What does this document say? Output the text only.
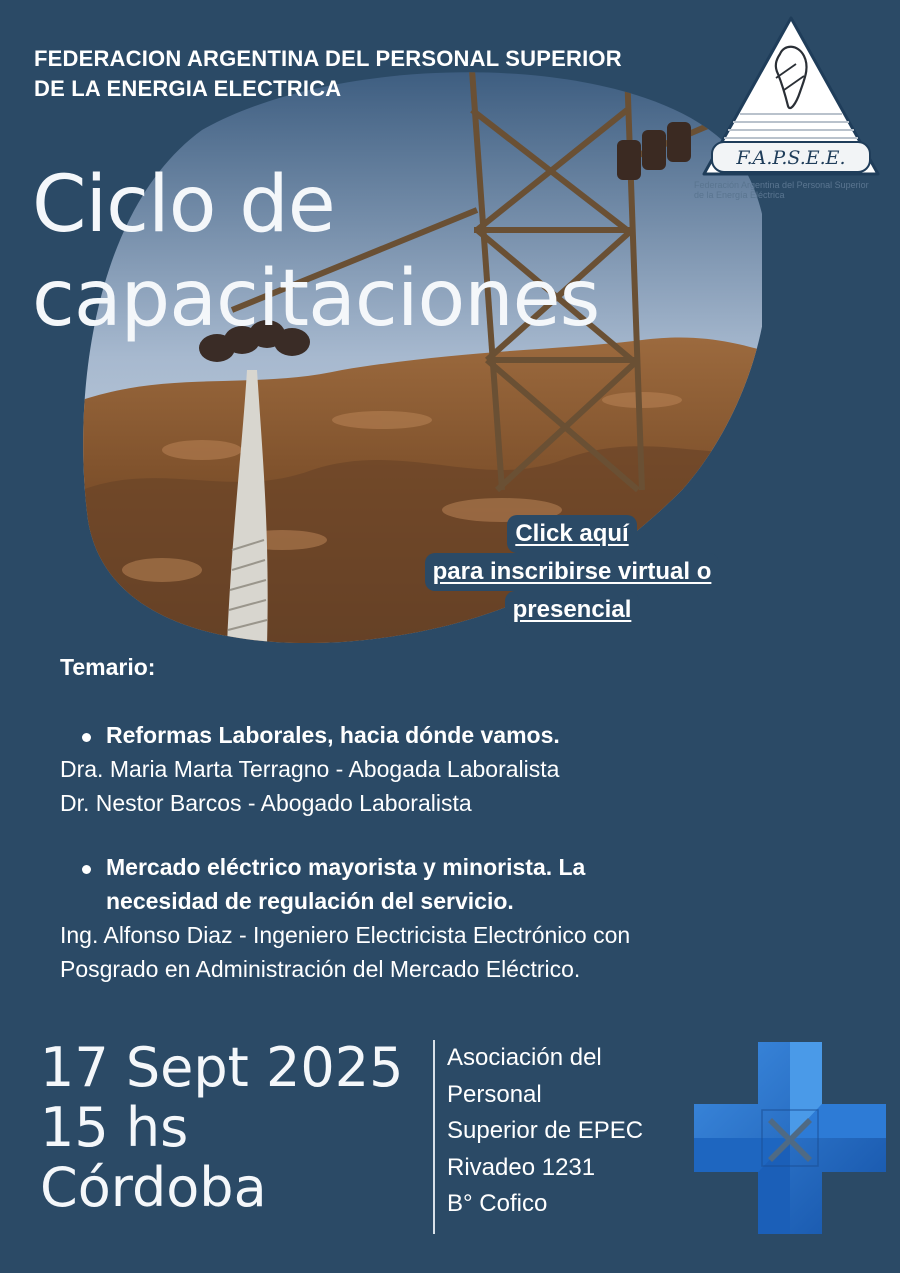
FEDERACION ARGENTINA DEL PERSONAL SUPERIOR
DE LA ENERGIA ELECTRICA
F.A.P.S.E.E.
Federación Argentina del Personal Superior de la Energía Eléctrica
Ciclo de
capacitaciones
Click aquí
para inscribirse virtual o
presencial
Temario:
Reformas Laborales, hacia dónde vamos.
Dra. Maria Marta Terragno - Abogada Laboralista
Dr. Nestor Barcos - Abogado Laboralista
Mercado eléctrico mayorista y minorista. La
necesidad de regulación del servicio.
Ing. Alfonso Diaz - Ingeniero Electricista Electrónico con
Posgrado en Administración del Mercado Eléctrico.
17 Sept 2025
15 hs
Córdoba
Asociación del
Personal
Superior de EPEC
Rivadeo 1231
B° Cofico
